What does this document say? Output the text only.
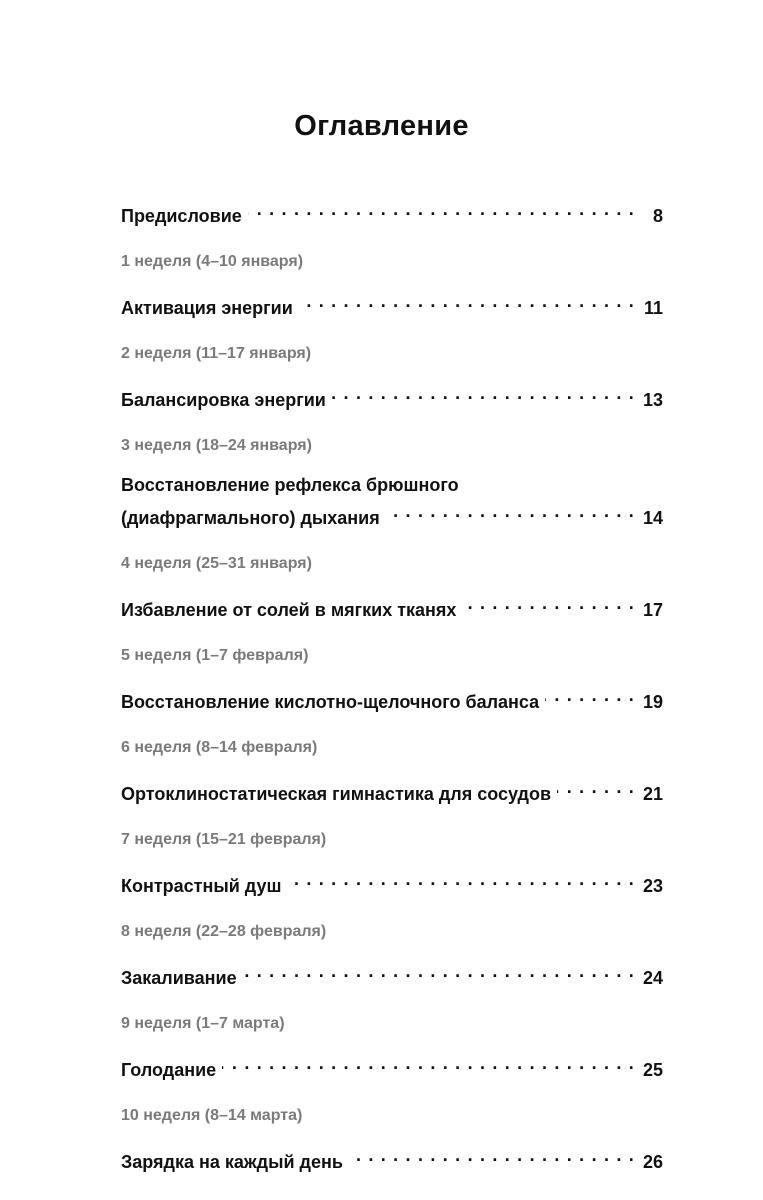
Оглавление
Предисловие . . .	8
1 неделя (4–10 января)
Активация энергии . . .	11
2 неделя (11–17 января)
Балансировка энергии . . .	13
3 неделя (18–24 января)
Восстановление рефлекса брюшного
(диафрагмального) дыхания . . .	14
4 неделя (25–31 января)
Избавление от солей в мягких тканях . . .	17
5 неделя (1–7 февраля)
Восстановление кислотно-щелочного баланса . . .	19
6 неделя (8–14 февраля)
Ортоклиностатическая гимнастика для сосудов . . .	21
7 неделя (15–21 февраля)
Контрастный душ . . .	23
8 неделя (22–28 февраля)
Закаливание . . .	24
9 неделя (1–7 марта)
Голодание . . .	25
10 неделя (8–14 марта)
Зарядка на каждый день . . .	26
